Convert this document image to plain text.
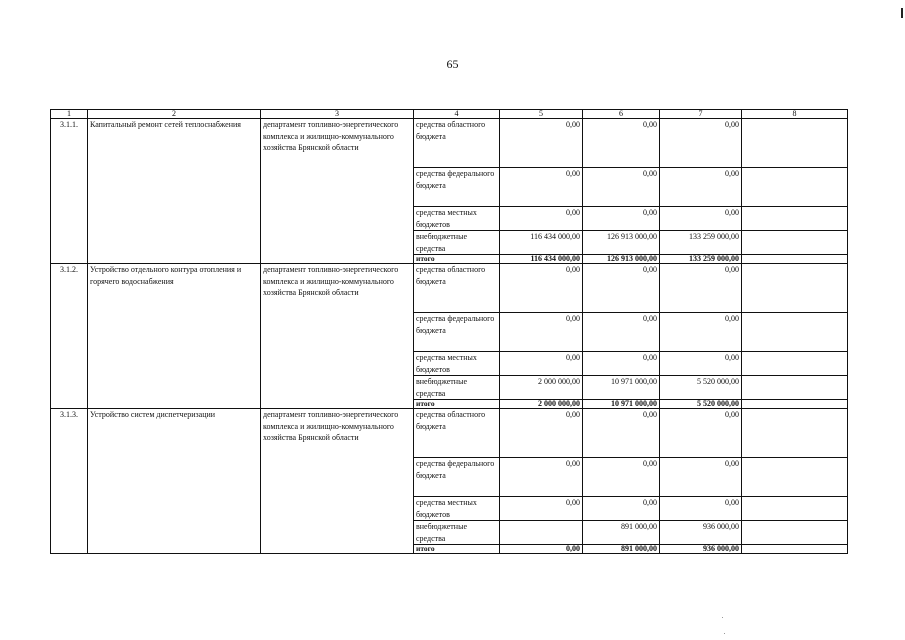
65
1	2	3	4	5	6	7	8
3.1.1.	Капитальный ремонт сетей теплоснабжения	департамент топливно-энергетического комплекса и жилищно-коммунального хозяйства Брянской области	средства областного бюджета	0,00	0,00	0,00	
			средства федерального бюджета	0,00	0,00	0,00	
			средства местных бюджетов	0,00	0,00	0,00	
			внебюджетные средства	116 434 000,00	126 913 000,00	133 259 000,00	
			итого	116 434 000,00	126 913 000,00	133 259 000,00	
3.1.2.	Устройство отдельного контура отопления и горячего водоснабжения	департамент топливно-энергетического комплекса и жилищно-коммунального хозяйства Брянской области	средства областного бюджета	0,00	0,00	0,00	
			средства федерального бюджета	0,00	0,00	0,00	
			средства местных бюджетов	0,00	0,00	0,00	
			внебюджетные средства	2 000 000,00	10 971 000,00	5 520 000,00	
			итого	2 000 000,00	10 971 000,00	5 520 000,00	
3.1.3.	Устройство систем диспетчеризации	департамент топливно-энергетического комплекса и жилищно-коммунального хозяйства Брянской области	средства областного бюджета	0,00	0,00	0,00	
			средства федерального бюджета	0,00	0,00	0,00	
			средства местных бюджетов	0,00	0,00	0,00	
			внебюджетные средства		891 000,00	936 000,00	
			итого	0,00	891 000,00	936 000,00	
